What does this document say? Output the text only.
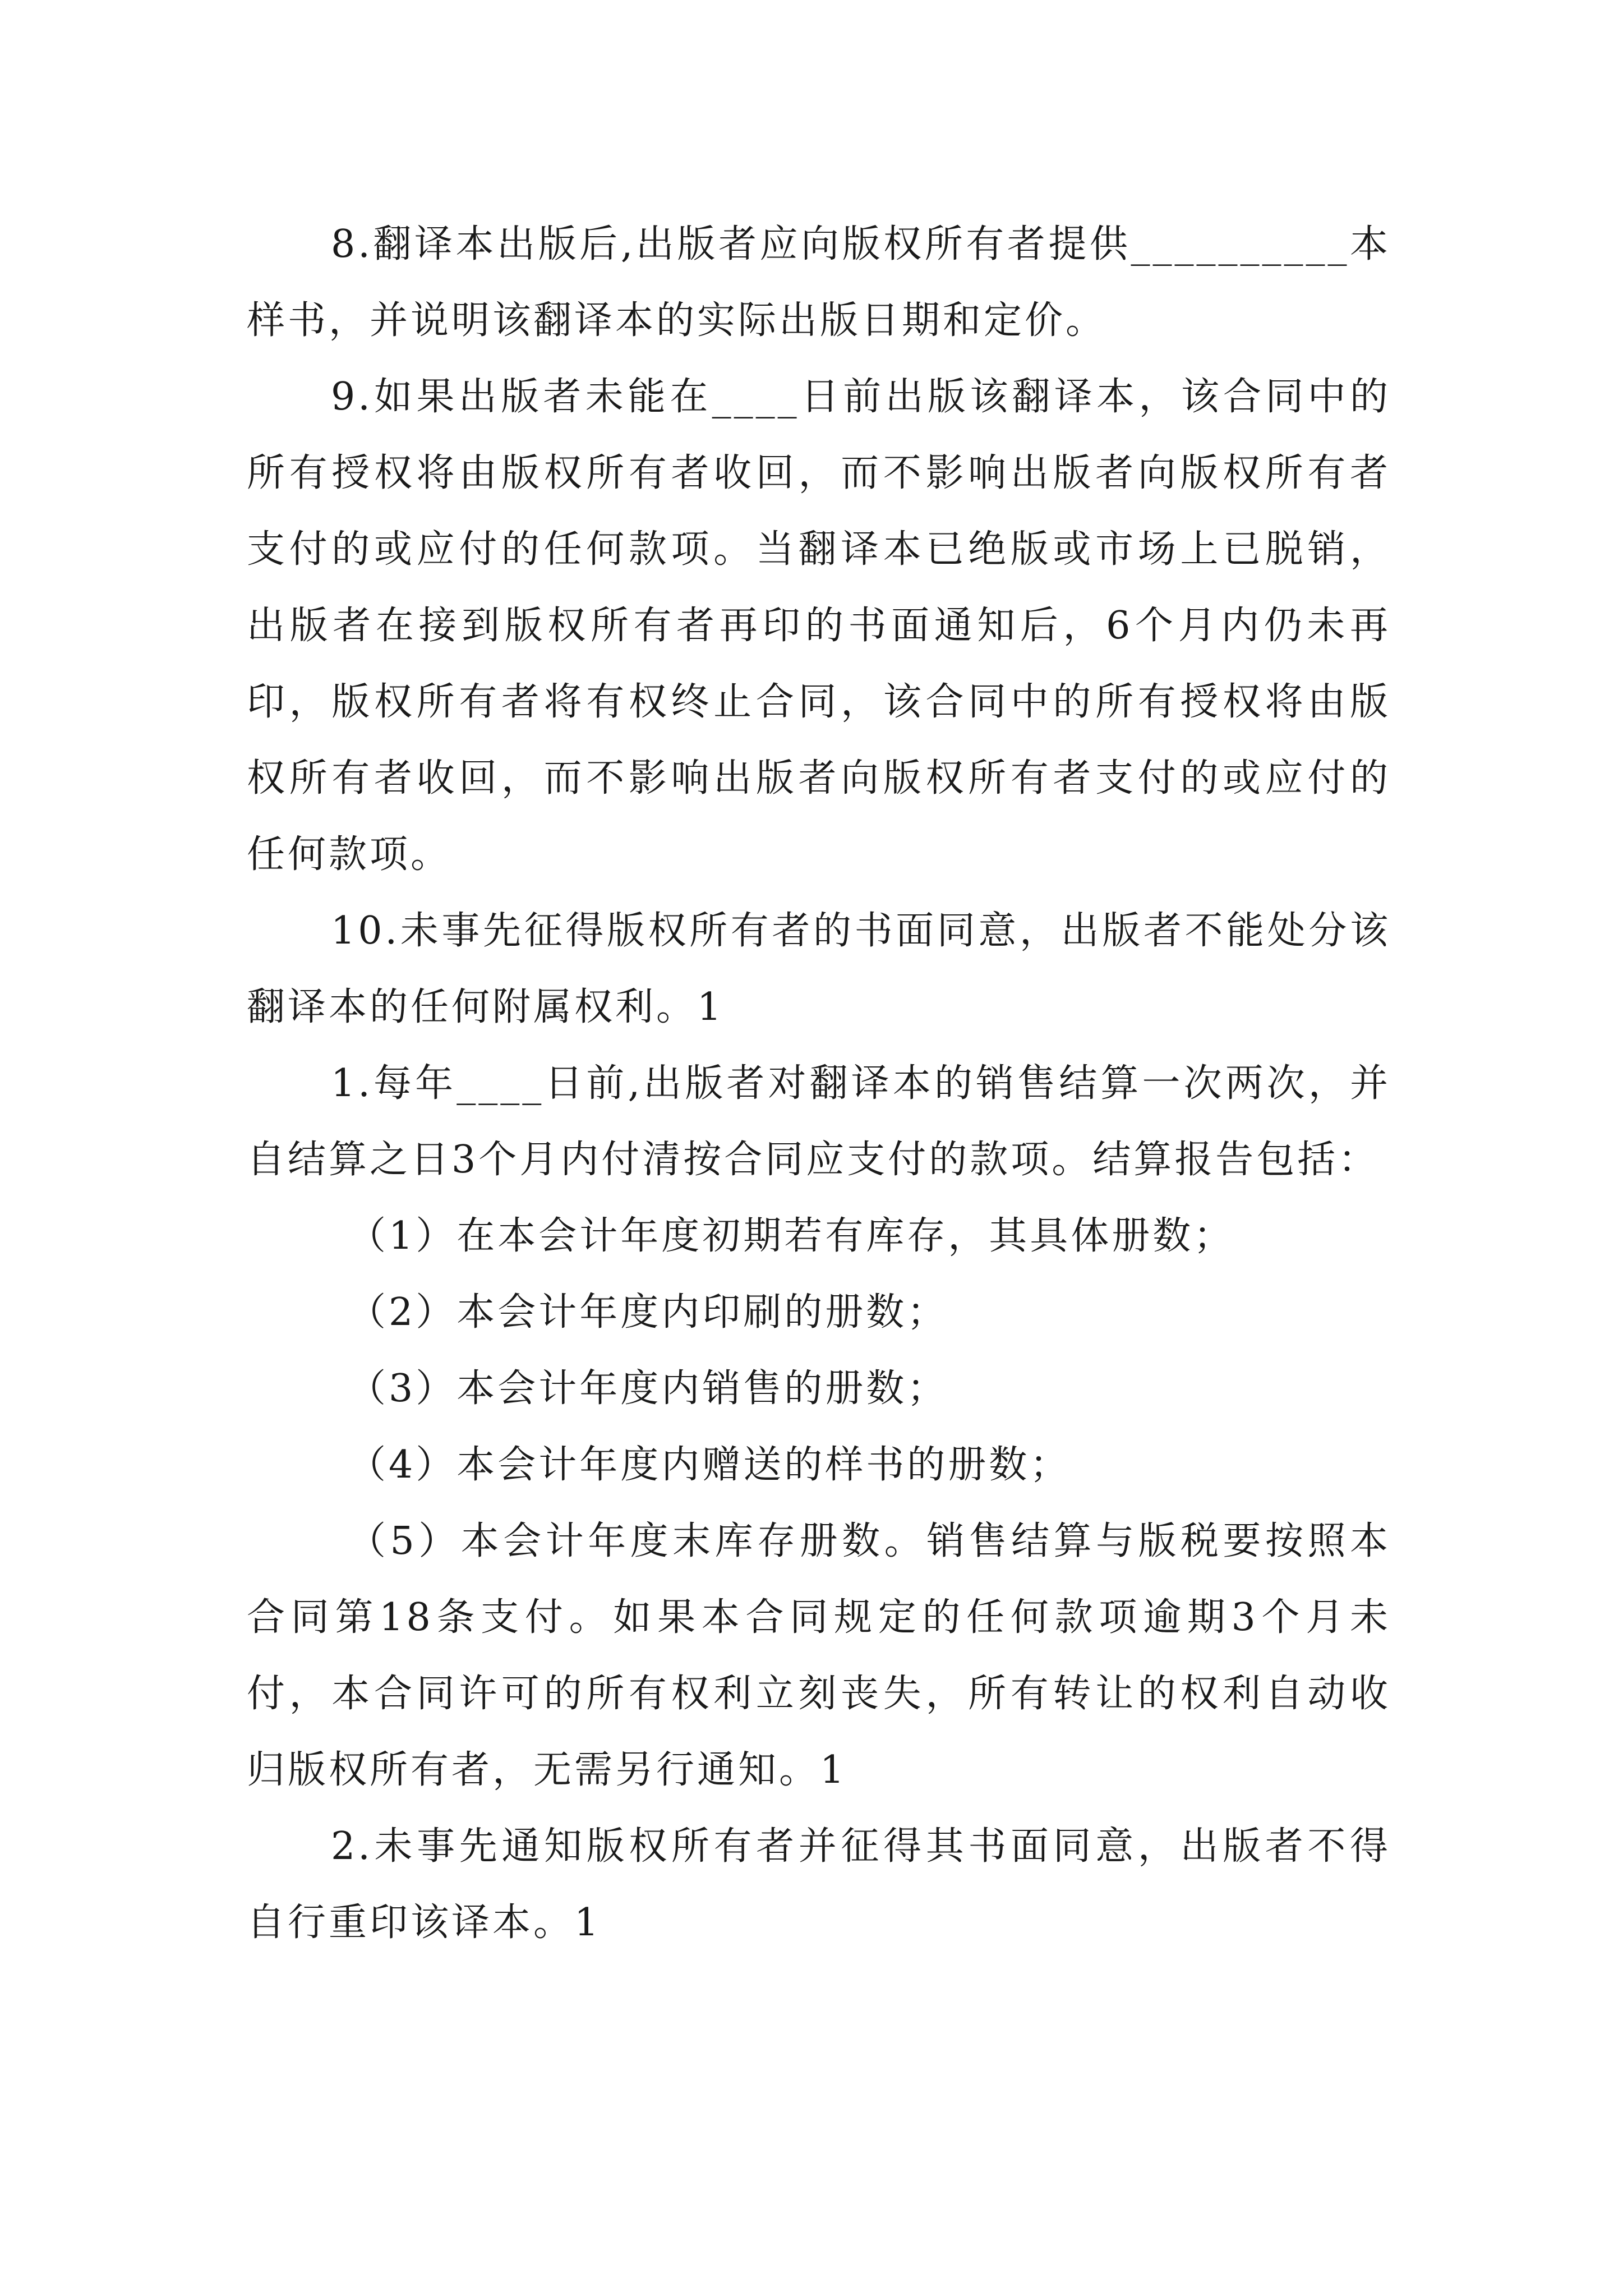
8.翻译本出版后,出版者应向版权所有者提供__________本样书，并说明该翻译本的实际出版日期和定价。

9.如果出版者未能在____日前出版该翻译本，该合同中的所有授权将由版权所有者收回，而不影响出版者向版权所有者支付的或应付的任何款项。当翻译本已绝版或市场上已脱销，出版者在接到版权所有者再印的书面通知后，6个月内仍未再印，版权所有者将有权终止合同，该合同中的所有授权将由版权所有者收回，而不影响出版者向版权所有者支付的或应付的任何款项。

10.未事先征得版权所有者的书面同意，出版者不能处分该翻译本的任何附属权利。1

1.每年____日前,出版者对翻译本的销售结算一次两次，并自结算之日3个月内付清按合同应支付的款项。结算报告包括：

（1）在本会计年度初期若有库存，其具体册数；

（2）本会计年度内印刷的册数；

（3）本会计年度内销售的册数；

（4）本会计年度内赠送的样书的册数；

（5）本会计年度末库存册数。销售结算与版税要按照本合同第18条支付。如果本合同规定的任何款项逾期3个月未付，本合同许可的所有权利立刻丧失，所有转让的权利自动收归版权所有者，无需另行通知。1

2.未事先通知版权所有者并征得其书面同意，出版者不得自行重印该译本。1
